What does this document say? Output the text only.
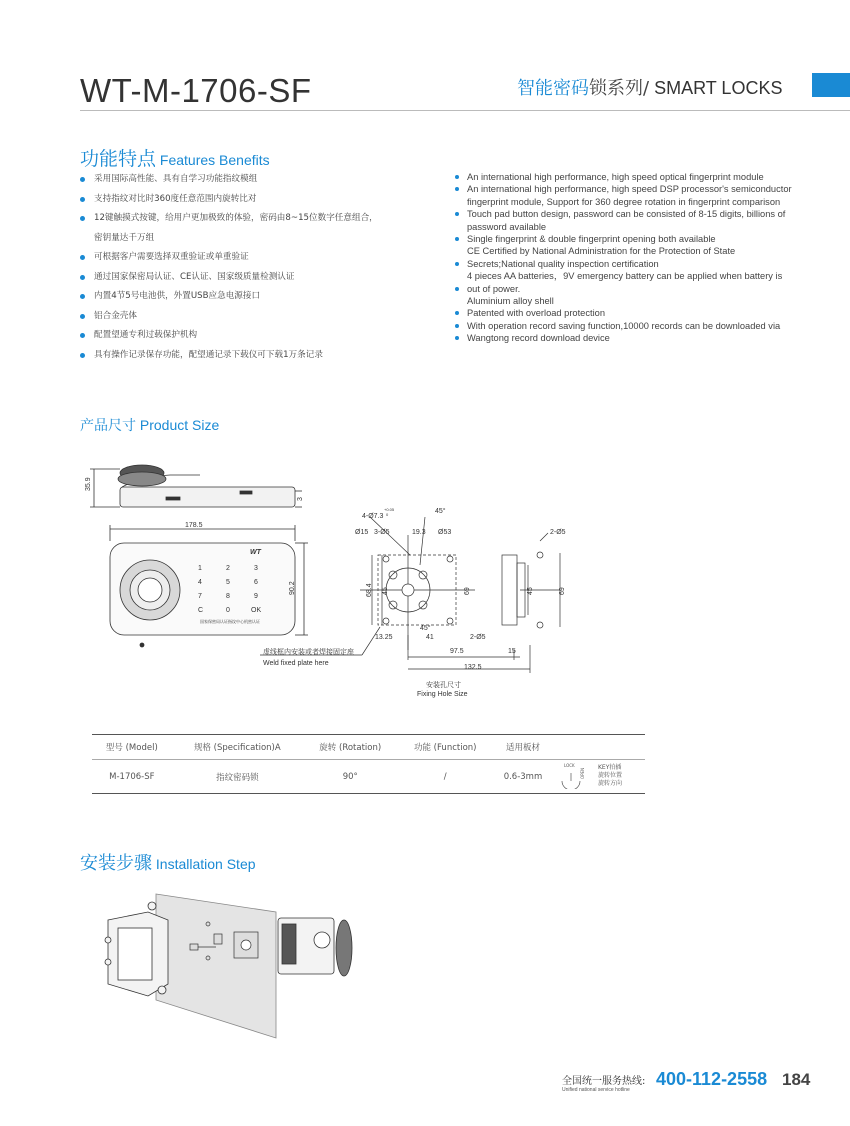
WT-M-1706-SF	智能密码锁系列/ SMART LOCKS
功能特点 Features Benefits
采用国际高性能、具有自学习功能指纹模组
支持指纹对比时360度任意范围内旋转比对
12键触摸式按键，给用户更加极致的体验，密码由8~15位数字任意组合，
密钥量达千万组
可根据客户需要选择双重验证或单重验证
通过国家保密局认证、CE认证、国家级质量检测认证
内置4节5号电池供，外置USB应急电源接口
铝合金壳体
配置望通专利过载保护机构
具有操作记录保存功能，配望通记录下载仪可下载1万条记录
An international high performance, high speed optical fingerprint module
An international high performance, high speed DSP processor's semiconductor
fingerprint module, Support for 360 degree rotation in fingerprint comparison
Touch pad button design, password can be consisted of 8-15 digits, billions of
password available
Single fingerprint & double fingerprint opening both available
CE Certified by National Administration for the Protection of State
Secrets;National quality inspection certification
4 pieces AA batteries，9V emergency battery can be applied when battery is
out of power.
Aluminium alloy shell
Patented with overload protection
With operation record saving function,10000 records can be downloaded via
Wangtong record download device
产品尺寸 Product Size
35.9
3
178.5
90.2
WT
1	2	3
4	5	6
7	8	9
C	0	OK
国家保密局认证指纹中心机密认证
4-Ø7.3
+0.05
0	45°
Ø15 3-Ø5	19.3 Ø53	2-Ø5
68.4 45	69
13.25	41
45°
2-Ø5
97.5	15
132.5
45	69
虚线框内安装或者焊接固定座
Weld fixed plate here
安装孔尺寸
Fixing Hole Size
型号 (Model)	规格 (Specification)A	旋转 (Rotation)	功能 (Function)	适用板材	
M-1706-SF	指纹密码锁	90°	/	0.6-3mm	LOCK
OPEN
KEY拍插
旋转位置
旋转方向
安装步骤 Installation Step
全国统一服务热线:
Unified national service hotline
400-112-2558 184
